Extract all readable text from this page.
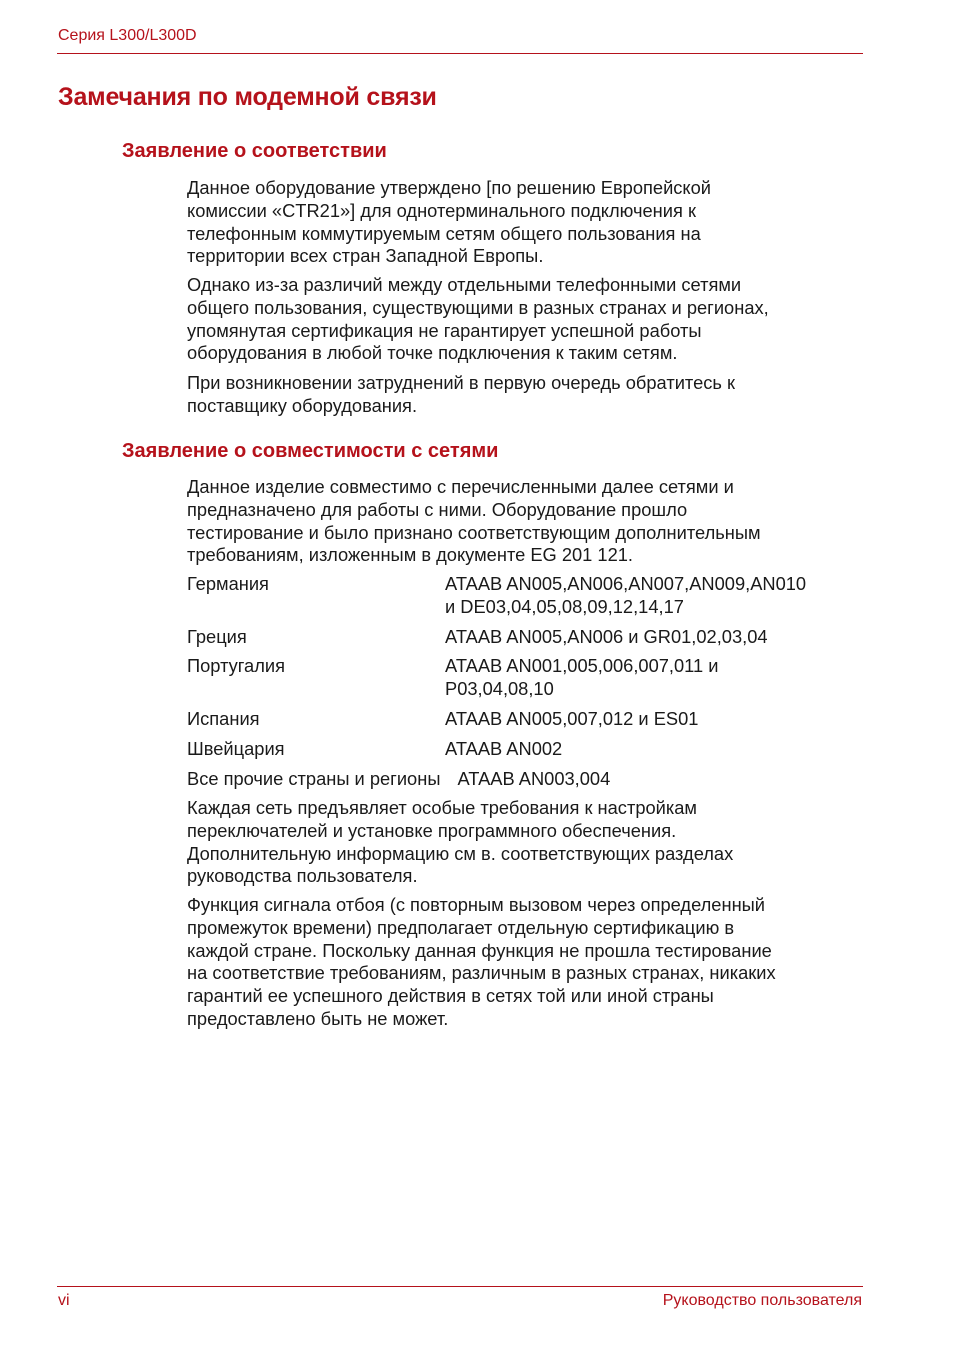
Серия L300/L300D
Замечания по модемной связи
Заявление о соответствии

Данное оборудование утверждено [по решению Европейской
комиссии «CTR21»] для однотерминального подключения к
телефонным коммутируемым сетям общего пользования на
территории всех стран Западной Европы.

Однако из-за различий между отдельными телефонными сетями
общего пользования, существующими в разных странах и регионах,
упомянутая сертификация не гарантирует успешной работы
оборудования в любой точке подключения к таким сетям.

При возникновении затруднений в первую очередь обратитесь к
поставщику оборудования.

Заявление о совместимости с сетями

Данное изделие совместимо с перечисленными далее сетями и
предназначено для работы с ними. Оборудование прошло
тестирование и было признано соответствующим дополнительным
требованиям, изложенным в документе EG 201 121.

Германия	ATAAB AN005,AN006,AN007,AN009,AN010
и DE03,04,05,08,09,12,14,17
Греция	ATAAB AN005,AN006 и GR01,02,03,04
Португалия	ATAAB AN001,005,006,007,011 и
P03,04,08,10
Испания	ATAAB AN005,007,012 и ES01
Швейцария	ATAAB AN002
Все прочие страны и регионы ATAAB AN003,004

Каждая сеть предъявляет особые требования к настройкам
переключателей и установке программного обеспечения.
Дополнительную информацию см в. соответствующих разделах
руководства пользователя.

Функция сигнала отбоя (с повторным вызовом через определенный
промежуток времени) предполагает отдельную сертификацию в
каждой стране. Поскольку данная функция не прошла тестирование
на соответствие требованиям, различным в разных странах, никаких
гарантий ее успешного действия в сетях той или иной страны
предоставлено быть не может.

vi	Руководство пользователя
